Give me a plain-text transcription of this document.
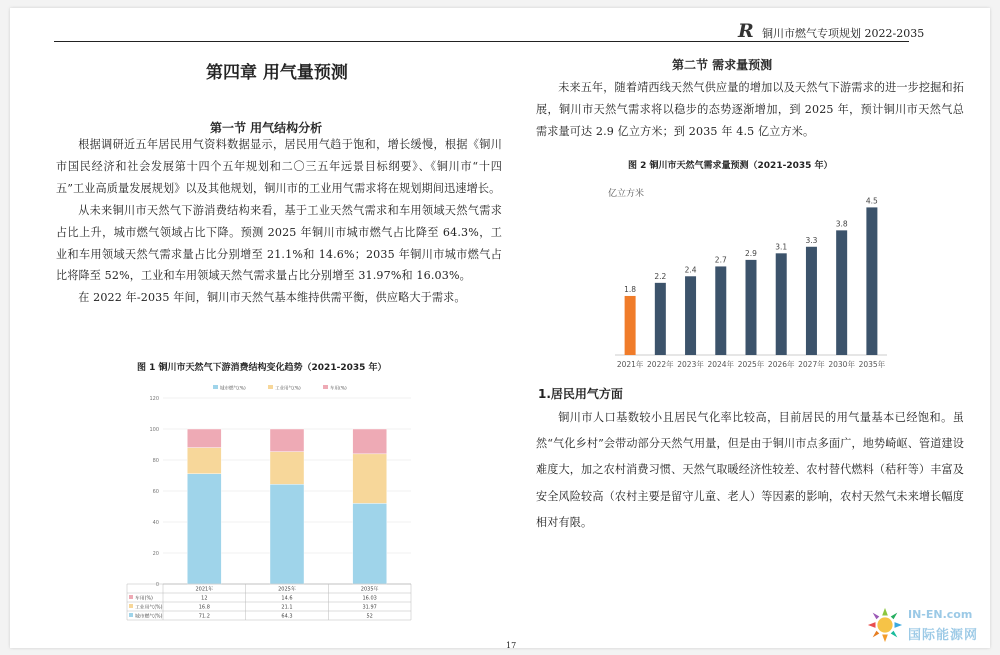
R 铜川市燃气专项规划 2022-2035
第四章 用气量预测
第一节 用气结构分析

根据调研近五年居民用气资料数据显示，居民用气趋于饱和，增长缓慢，根据《铜川市国民经济和社会发展第十四个五年规划和二〇三五年远景目标纲要》、《铜川市“十四五”工业高质量发展规划》以及其他规划，铜川市的工业用气需求将在规划期间迅速增长。

从未来铜川市天然气下游消费结构来看，基于工业天然气需求和车用领域天然气需求占比上升，城市燃气领域占比下降。预测 2025 年铜川市城市燃气占比降至 64.3%，工业和车用领域天然气需求量占比分别增至 21.1%和 14.6%；2035 年铜川市城市燃气占比将降至 52%，工业和车用领域天然气需求量占比分别增至 31.97%和 16.03%。

在 2022 年-2035 年间，铜川市天然气基本维持供需平衡，供应略大于需求。

图 1 铜川市天然气下游消费结构变化趋势（2021-2035 年）
城市燃气(%)	工业用气(%)	车用(%)
0
20
40
60
80
100
120
2021年	2025年	2035年
车用(%)	12	14.6	16.03
工业用气(%)	16.8	21.1	31.97
城市燃气(%)	71.2	64.3	52
第二节 需求量预测

未来五年，随着靖西线天然气供应量的增加以及天然气下游需求的进一步挖掘和拓展，铜川市天然气需求将以稳步的态势逐渐增加，到 2025 年，预计铜川市天然气总需求量可达 2.9 亿立方米；到 2035 年 4.5 亿立方米。

图 2 铜川市天然气需求量预测（2021-2035 年）
亿立方米
1.8
2021年
2.2
2022年
2.4
2023年
2.7
2024年
2.9
2025年
3.1
2026年
3.3
2027年
3.8
2030年
4.5
2035年
1.居民用气方面

铜川市人口基数较小且居民气化率比较高，目前居民的用气量基本已经饱和。虽然“气化乡村”会带动部分天然气用量，但是由于铜川市点多面广，地势崎岖、管道建设难度大，加之农村消费习惯、天然气取暖经济性较差、农村替代燃料（秸秆等）丰富及安全风险较高（农村主要是留守儿童、老人）等因素的影响，农村天然气未来增长幅度相对有限。

17
IN-EN.com
国际能源网
